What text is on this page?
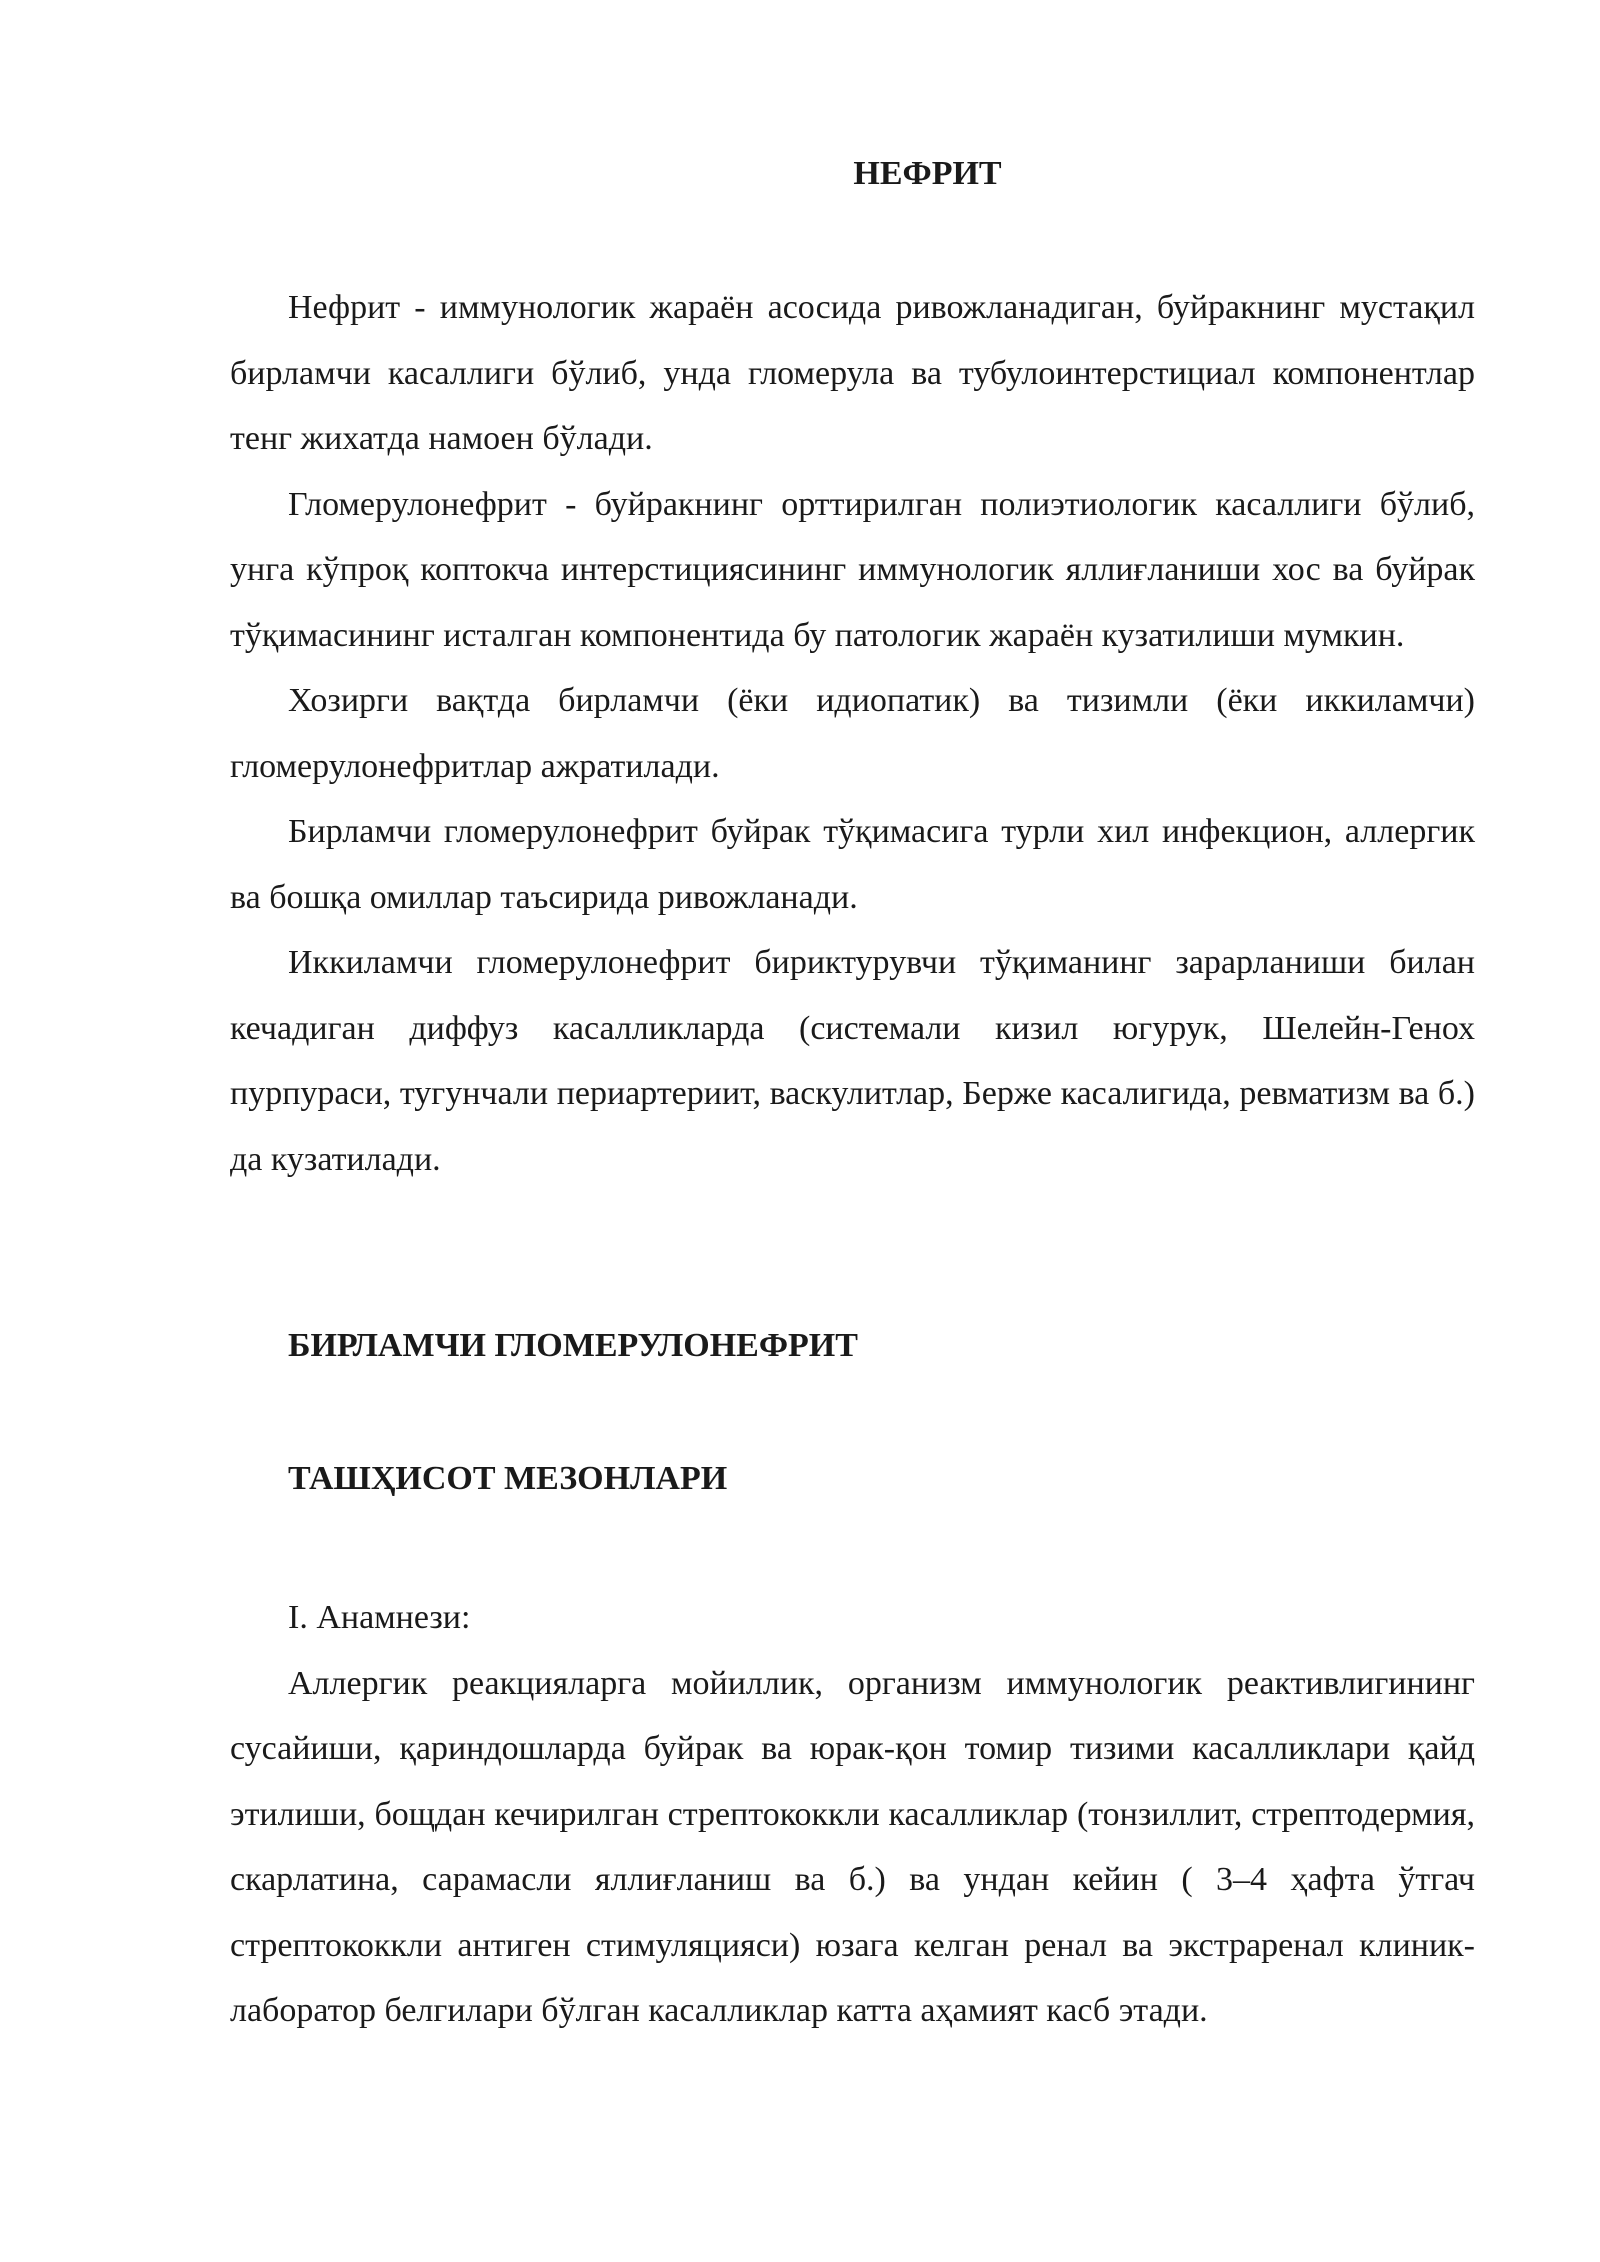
НЕФРИТ

Нефрит - иммунологик жараён асосида ривожланадиган, буйракнинг мустақил бирламчи касаллиги бўлиб, унда гломерула ва тубулоинтерстициал компонентлар тенг жихатда намоен бўлади.

Гломерулонефрит - буйракнинг орттирилган полиэтиологик касаллиги бўлиб, унга кўпроқ коптокча интерстициясининг иммунологик яллиғланиши хос ва буйрак тўқимасининг исталган компонентида бу патологик жараён кузатилиши мумкин.

Хозирги вақтда бирламчи (ёки идиопатик) ва тизимли (ёки иккиламчи) гломерулонефритлар ажратилади.

Бирламчи гломерулонефрит буйрак тўқимасига турли хил инфекцион, аллергик ва бошқа омиллар таъсирида ривожланади.

Иккиламчи гломерулонефрит бириктурувчи тўқиманинг зарарланиши билан кечадиган диффуз касалликларда (системали кизил югурук, Шелейн-Генох пурпураси, тугунчали периартериит, васкулитлар, Берже касалигида, ревматизм ва б.) да кузатилади.

БИРЛАМЧИ ГЛОМЕРУЛОНЕФРИТ
ТАШҲИСОТ МЕЗОНЛАРИ

I. Анамнези:

Аллергик реакцияларга мойиллик, организм иммунологик реактивлигининг сусайиши, қариндошларда буйрак ва юрак-қон томир тизими касалликлари қайд этилиши, бощдан кечирилган стрептококкли касалликлар (тонзиллит, стрептодермия, скарлатина, сарамасли яллиғланиш ва б.) ва ундан кейин ( 3–4 ҳафта ўтгач стрептококкли антиген стимуляцияси) юзага келган ренал ва экстраренал клиник-лаборатор белгилари бўлган касалликлар катта аҳамият касб этади.
